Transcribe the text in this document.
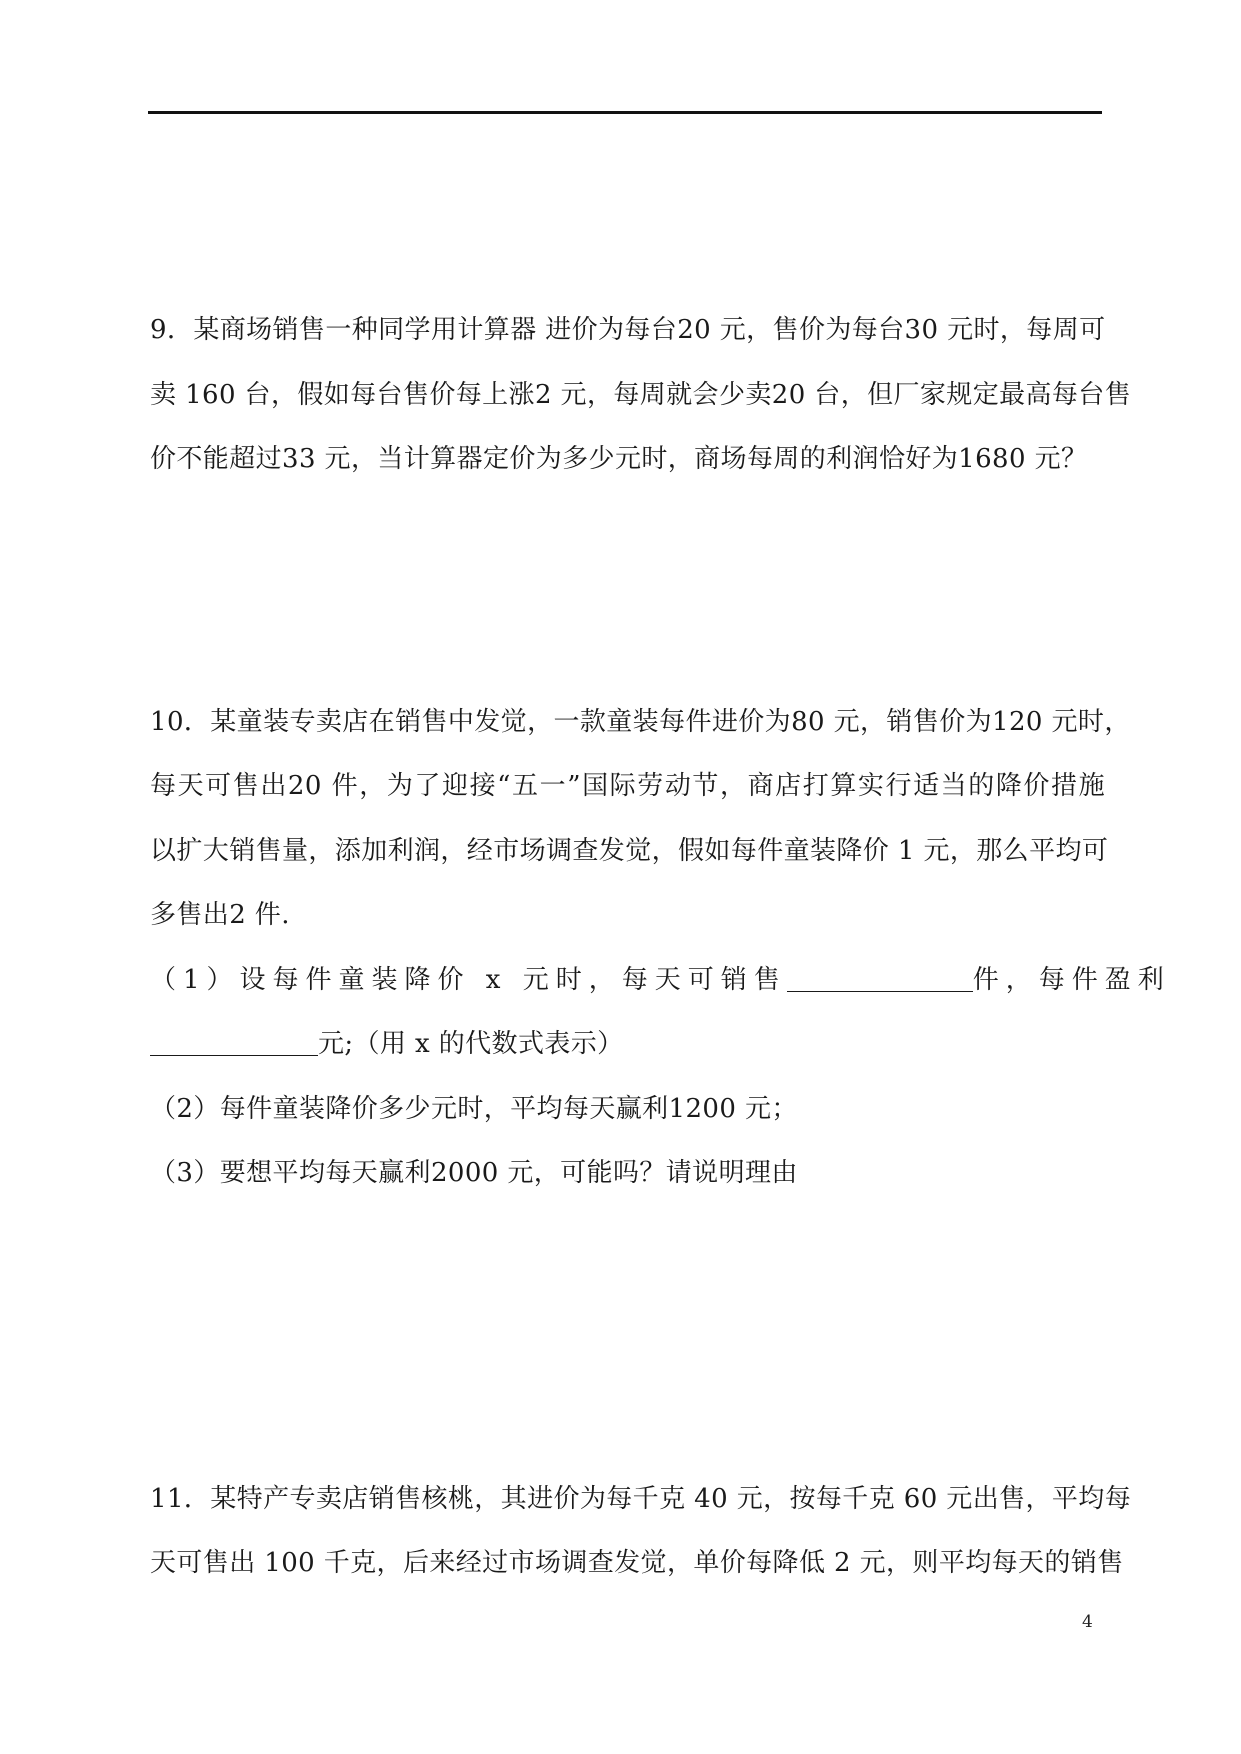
9．某商场销售一种同学用计算器 进价为每台20 元，售价为每台30 元时，每周可
卖 160 台，假如每台售价每上涨2 元，每周就会少卖20 台，但厂家规定最高每台售
价不能超过33 元，当计算器定价为多少元时，商场每周的利润恰好为1680 元？
10．某童装专卖店在销售中发觉，一款童装每件进价为80 元，销售价为120 元时，
每天可售出20 件，为了迎接“五一”国际劳动节，商店打算实行适当的降价措施
以扩大销售量，添加利润，经市场调查发觉，假如每件童装降价 1 元，那么平均可
多售出2 件.
（1）设每件童装降价 x 元时，每天可销售	件，每件盈利
元;（用 x 的代数式表示）
（2）每件童装降价多少元时，平均每天赢利1200 元；
（3）要想平均每天赢利2000 元，可能吗？请说明理由
11．某特产专卖店销售核桃，其进价为每千克 40 元，按每千克 60 元出售，平均每
天可售出 100 千克，后来经过市场调查发觉，单价每降低 2 元，则平均每天的销售
4
